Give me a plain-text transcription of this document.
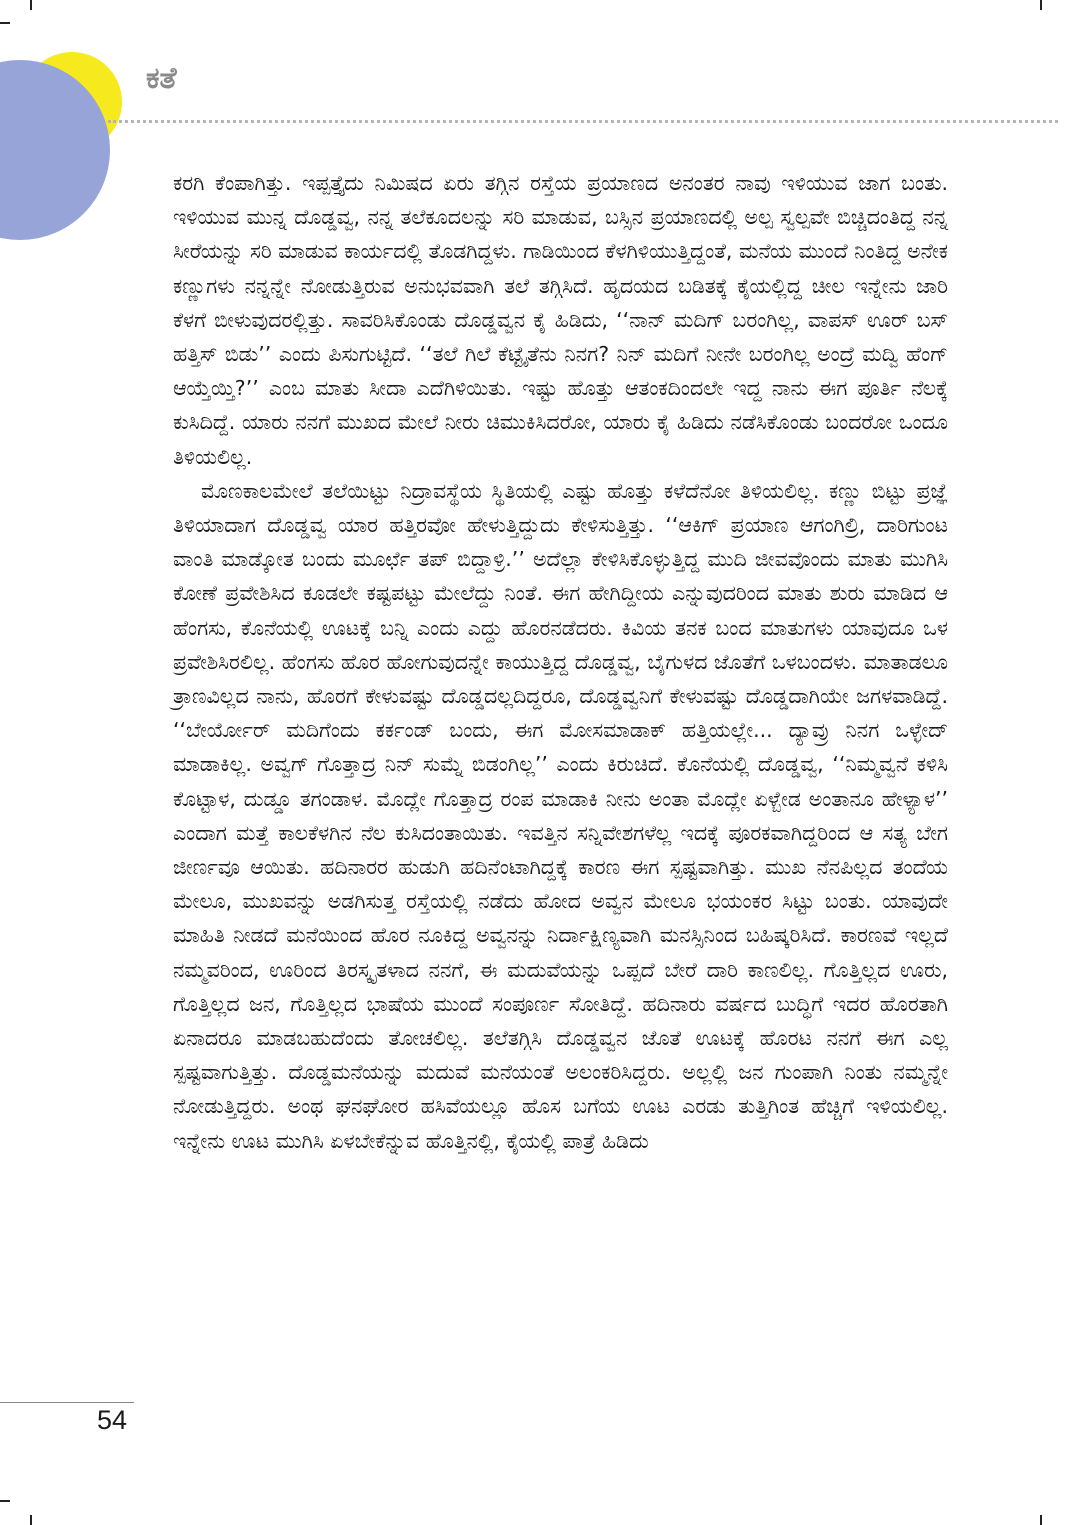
ಕತೆ

ಕರಗಿ ಕೆಂಪಾಗಿತ್ತು. ಇಪ್ಪತ್ತೈದು ನಿಮಿಷದ ಏರು ತಗ್ಗಿನ ರಸ್ತೆಯ ಪ್ರಯಾಣದ ಅನಂತರ ನಾವು ಇಳಿಯುವ ಜಾಗ ಬಂತು. ಇಳಿಯುವ ಮುನ್ನ ದೊಡ್ಡವ್ವ, ನನ್ನ ತಲೆಕೂದಲನ್ನು ಸರಿ ಮಾಡುವ, ಬಸ್ಸಿನ ಪ್ರಯಾಣದಲ್ಲಿ ಅಲ್ಪ ಸ್ವಲ್ಪವೇ ಬಿಚ್ಚಿದಂತಿದ್ದ ನನ್ನ ಸೀರೆಯನ್ನು ಸರಿ ಮಾಡುವ ಕಾರ್ಯದಲ್ಲಿ ತೊಡಗಿದ್ದಳು. ಗಾಡಿಯಿಂದ ಕೆಳಗಿಳಿಯುತ್ತಿದ್ದಂತೆ, ಮನೆಯ ಮುಂದೆ ನಿಂತಿದ್ದ ಅನೇಕ ಕಣ್ಣುಗಳು ನನ್ನನ್ನೇ ನೋಡುತ್ತಿರುವ ಅನುಭವವಾಗಿ ತಲೆ ತಗ್ಗಿಸಿದೆ. ಹೃದಯದ ಬಡಿತಕ್ಕೆ ಕೈಯಲ್ಲಿದ್ದ ಚೀಲ ಇನ್ನೇನು ಜಾರಿ ಕೆಳಗೆ ಬೀಳುವುದರಲ್ಲಿತ್ತು. ಸಾವರಿಸಿಕೊಂಡು ದೊಡ್ಡವ್ವನ ಕೈ ಹಿಡಿದು, ‘‘ನಾನ್ ಮದಿಗ್ ಬರಂಗಿಲ್ಲ, ವಾಪಸ್ ಊರ್ ಬಸ್ ಹತ್ತಿಸ್ ಬಿಡು’’ ಎಂದು ಪಿಸುಗುಟ್ಟಿದೆ. ‘‘ತಲೆ ಗಿಲೆ ಕೆಟ್ಟೈತೆನು ನಿನಗ? ನಿನ್ ಮದಿಗೆ ನೀನೇ ಬರಂಗಿಲ್ಲ ಅಂದ್ರೆ ಮದ್ವಿ ಹೆಂಗ್ ಆಯ್ತೆಯ್ತಿ?’’ ಎಂಬ ಮಾತು ಸೀದಾ ಎದೆಗಿಳಿಯಿತು. ಇಷ್ಟು ಹೊತ್ತು ಆತಂಕದಿಂದಲೇ ಇದ್ದ ನಾನು ಈಗ ಪೂರ್ತಿ ನೆಲಕ್ಕೆ ಕುಸಿದಿದ್ದೆ. ಯಾರು ನನಗೆ ಮುಖದ ಮೇಲೆ ನೀರು ಚಿಮುಕಿಸಿದರೋ, ಯಾರು ಕೈ ಹಿಡಿದು ನಡೆಸಿಕೊಂಡು ಬಂದರೋ ಒಂದೂ ತಿಳಿಯಲಿಲ್ಲ.

ಮೊಣಕಾಲಮೇಲೆ ತಲೆಯಿಟ್ಟು ನಿದ್ರಾವಸ್ಥೆಯ ಸ್ಥಿತಿಯಲ್ಲಿ ಎಷ್ಟು ಹೊತ್ತು ಕಳೆದೆನೋ ತಿಳಿಯಲಿಲ್ಲ. ಕಣ್ಣು ಬಿಟ್ಟು ಪ್ರಜ್ಞೆ ತಿಳಿಯಾದಾಗ ದೊಡ್ಡವ್ವ ಯಾರ ಹತ್ತಿರವೋ ಹೇಳುತ್ತಿದ್ದುದು ಕೇಳಿಸುತ್ತಿತ್ತು. ‘‘ಆಕಿಗ್ ಪ್ರಯಾಣ ಆಗಂಗಿಲ್ರಿ, ದಾರಿಗುಂಟ ವಾಂತಿ ಮಾಡ್ಕೋತ ಬಂದು ಮೂರ್ಛೆ ತಪ್ ಬಿದ್ದಾಳ್ರಿ.’’ ಅದೆಲ್ಲಾ ಕೇಳಿಸಿಕೊಳ್ಳುತ್ತಿದ್ದ ಮುದಿ ಜೀವವೊಂದು ಮಾತು ಮುಗಿಸಿ ಕೋಣೆ ಪ್ರವೇಶಿಸಿದ ಕೂಡಲೇ ಕಷ್ಟಪಟ್ಟು ಮೇಲೆದ್ದು ನಿಂತೆ. ಈಗ ಹೇಗಿದ್ದೀಯ ಎನ್ನುವುದರಿಂದ ಮಾತು ಶುರು ಮಾಡಿದ ಆ ಹೆಂಗಸು, ಕೊನೆಯಲ್ಲಿ ಊಟಕ್ಕೆ ಬನ್ನಿ ಎಂದು ಎದ್ದು ಹೊರನಡೆದರು. ಕಿವಿಯ ತನಕ ಬಂದ ಮಾತುಗಳು ಯಾವುದೂ ಒಳ ಪ್ರವೇಶಿಸಿರಲಿಲ್ಲ. ಹೆಂಗಸು ಹೊರ ಹೋಗುವುದನ್ನೇ ಕಾಯುತ್ತಿದ್ದ ದೊಡ್ಡವ್ವ, ಬೈಗುಳದ ಜೊತೆಗೆ ಒಳಬಂದಳು. ಮಾತಾಡಲೂ ತ್ರಾಣವಿಲ್ಲದ ನಾನು, ಹೊರಗೆ ಕೇಳುವಷ್ಟು ದೊಡ್ಡದಲ್ಲದಿದ್ದರೂ, ದೊಡ್ಡವ್ವನಿಗೆ ಕೇಳುವಷ್ಟು ದೊಡ್ಡದಾಗಿಯೇ ಜಗಳವಾಡಿದ್ದೆ. ‘‘ಬೇರ್ಯೋರ್ ಮದಿಗೆಂದು ಕರ್ಕಂಡ್ ಬಂದು, ಈಗ ಮೋಸಮಾಡಾಕ್ ಹತ್ತಿಯಲ್ಲೇ... ದ್ಯಾವ್ರು ನಿನಗ ಒಳ್ಳೇದ್ ಮಾಡಾಕಿಲ್ಲ. ಅವ್ವಗ್ ಗೊತ್ತಾದ್ರ ನಿನ್ ಸುಮ್ನೆ ಬಿಡಂಗಿಲ್ಲ’’ ಎಂದು ಕಿರುಚಿದೆ. ಕೊನೆಯಲ್ಲಿ ದೊಡ್ಡವ್ವ, ‘‘ನಿಮ್ಮವ್ವನೆ ಕಳಿಸಿ ಕೊಟ್ಟಾಳ, ದುಡ್ಡೂ ತಗಂಡಾಳ. ಮೊದ್ಲೇ ಗೊತ್ತಾದ್ರ ರಂಪ ಮಾಡಾಕಿ ನೀನು ಅಂತಾ ಮೊದ್ಲೇ ಏಳ್ಬೇಡ ಅಂತಾನೂ ಹೇಳ್ಯಾಳ’’ ಎಂದಾಗ ಮತ್ತೆ ಕಾಲಕೆಳಗಿನ ನೆಲ ಕುಸಿದಂತಾಯಿತು. ಇವತ್ತಿನ ಸನ್ನಿವೇಶಗಳೆಲ್ಲ ಇದಕ್ಕೆ ಪೂರಕವಾಗಿದ್ದರಿಂದ ಆ ಸತ್ಯ ಬೇಗ ಜೀರ್ಣವೂ ಆಯಿತು. ಹದಿನಾರರ ಹುಡುಗಿ ಹದಿನೆಂಟಾಗಿದ್ದಕ್ಕೆ ಕಾರಣ ಈಗ ಸ್ಪಷ್ಟವಾಗಿತ್ತು. ಮುಖ ನೆನಪಿಲ್ಲದ ತಂದೆಯ ಮೇಲೂ, ಮುಖವನ್ನು ಅಡಗಿಸುತ್ತ ರಸ್ತೆಯಲ್ಲಿ ನಡೆದು ಹೋದ ಅವ್ವನ ಮೇಲೂ ಭಯಂಕರ ಸಿಟ್ಟು ಬಂತು. ಯಾವುದೇ ಮಾಹಿತಿ ನೀಡದೆ ಮನೆಯಿಂದ ಹೊರ ನೂಕಿದ್ದ ಅವ್ವನನ್ನು ನಿರ್ದಾಕ್ಷಿಣ್ಯವಾಗಿ ಮನಸ್ಸಿನಿಂದ ಬಹಿಷ್ಕರಿಸಿದೆ. ಕಾರಣವೆ ಇಲ್ಲದೆ ನಮ್ಮವರಿಂದ, ಊರಿಂದ ತಿರಸ್ಕೃತಳಾದ ನನಗೆ, ಈ ಮದುವೆಯನ್ನು ಒಪ್ಪದೆ ಬೇರೆ ದಾರಿ ಕಾಣಲಿಲ್ಲ. ಗೊತ್ತಿಲ್ಲದ ಊರು, ಗೊತ್ತಿಲ್ಲದ ಜನ, ಗೊತ್ತಿಲ್ಲದ ಭಾಷೆಯ ಮುಂದೆ ಸಂಪೂರ್ಣ ಸೋತಿದ್ದೆ. ಹದಿನಾರು ವರ್ಷದ ಬುದ್ಧಿಗೆ ಇದರ ಹೊರತಾಗಿ ಏನಾದರೂ ಮಾಡಬಹುದೆಂದು ತೋಚಲಿಲ್ಲ. ತಲೆತಗ್ಗಿಸಿ ದೊಡ್ಡವ್ವನ ಜೊತೆ ಊಟಕ್ಕೆ ಹೊರಟ ನನಗೆ ಈಗ ಎಲ್ಲ ಸ್ಪಷ್ಟವಾಗುತ್ತಿತ್ತು. ದೊಡ್ಡಮನೆಯನ್ನು ಮದುವೆ ಮನೆಯಂತೆ ಅಲಂಕರಿಸಿದ್ದರು. ಅಲ್ಲಲ್ಲಿ ಜನ ಗುಂಪಾಗಿ ನಿಂತು ನಮ್ಮನ್ನೇ ನೋಡುತ್ತಿದ್ದರು. ಅಂಥ ಘನಘೋರ ಹಸಿವೆಯಲ್ಲೂ ಹೊಸ ಬಗೆಯ ಊಟ ಎರಡು ತುತ್ತಿಗಿಂತ ಹೆಚ್ಚಿಗೆ ಇಳಿಯಲಿಲ್ಲ. ಇನ್ನೇನು ಊಟ ಮುಗಿಸಿ ಏಳಬೇಕೆನ್ನುವ ಹೊತ್ತಿನಲ್ಲಿ, ಕೈಯಲ್ಲಿ ಪಾತ್ರೆ ಹಿಡಿದು

54
